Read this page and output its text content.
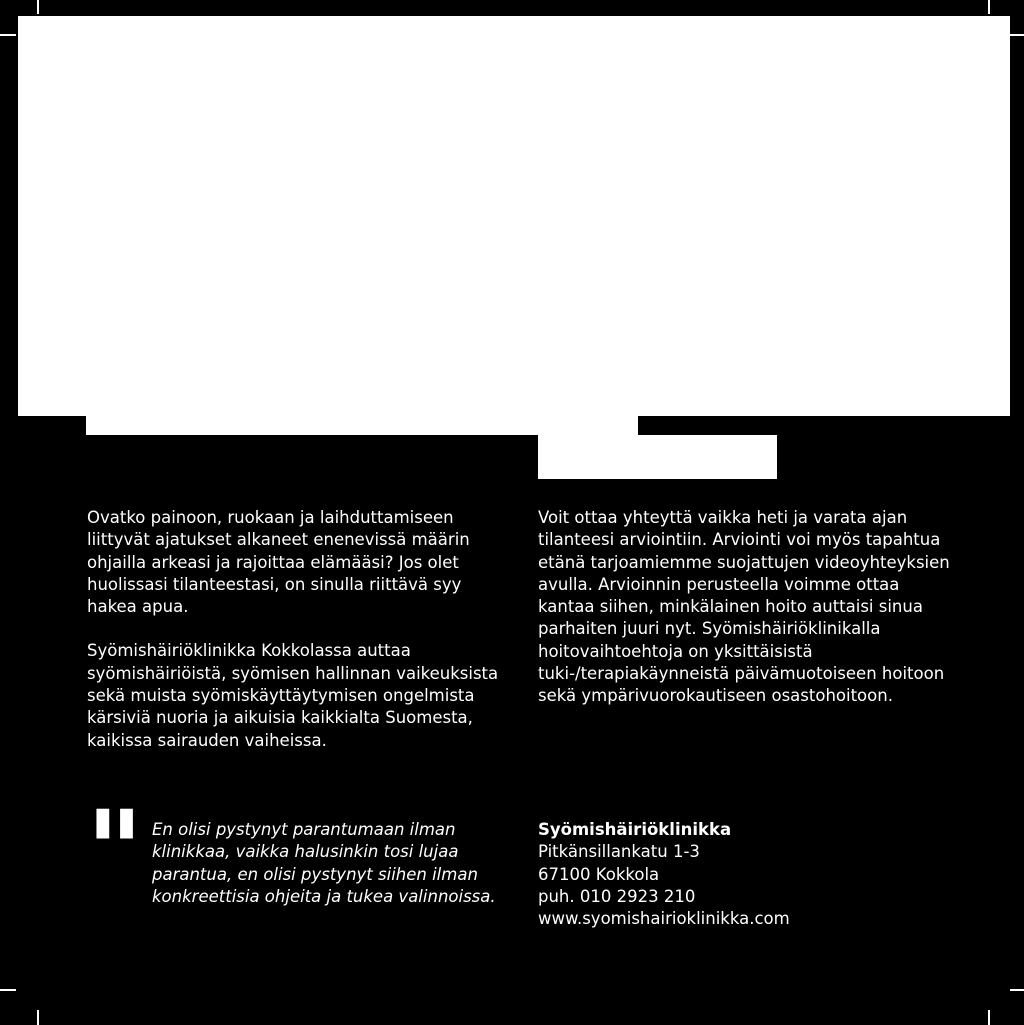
Ovatko painoon, ruokaan ja laihduttamiseen liittyvät ajatukset alkaneet enenevissä määrin ohjailla arkeasi ja rajoittaa elämääsi? Jos olet huolissasi tilanteestasi, on sinulla riittävä syy hakea apua.

Syömishäiriöklinikka Kokkolassa auttaa syömishäiriöistä, syömisen hallinnan vaikeuksista sekä muista syömiskäyttäytymisen ongelmista kärsiviä nuoria ja aikuisia kaikkialta Suomesta, kaikissa sairauden vaiheissa.

Voit ottaa yhteyttä vaikka heti ja varata ajan tilanteesi arviointiin. Arviointi voi myös tapahtua etänä tarjoamiemme suojattujen videoyhteyksien avulla. Arvioinnin perusteella voimme ottaa kantaa siihen, minkälainen hoito auttaisi sinua parhaiten juuri nyt. Syömishäiriöklinikalla hoitovaihtoehtoja on yksittäisistä tuki-/terapiakäynneistä päivämuotoiseen hoitoon sekä ympärivuorokautiseen osastohoitoon.

" En olisi pystynyt parantumaan ilman klinikkaa, vaikka halusinkin tosi lujaa parantua, en olisi pystynyt siihen ilman konkreettisia ohjeita ja tukea valinnoissa.
Syömishäiriöklinikka
Pitkänsillankatu 1-3
67100 Kokkola
puh. 010 2923 210
www.syomishairioklinikka.com
